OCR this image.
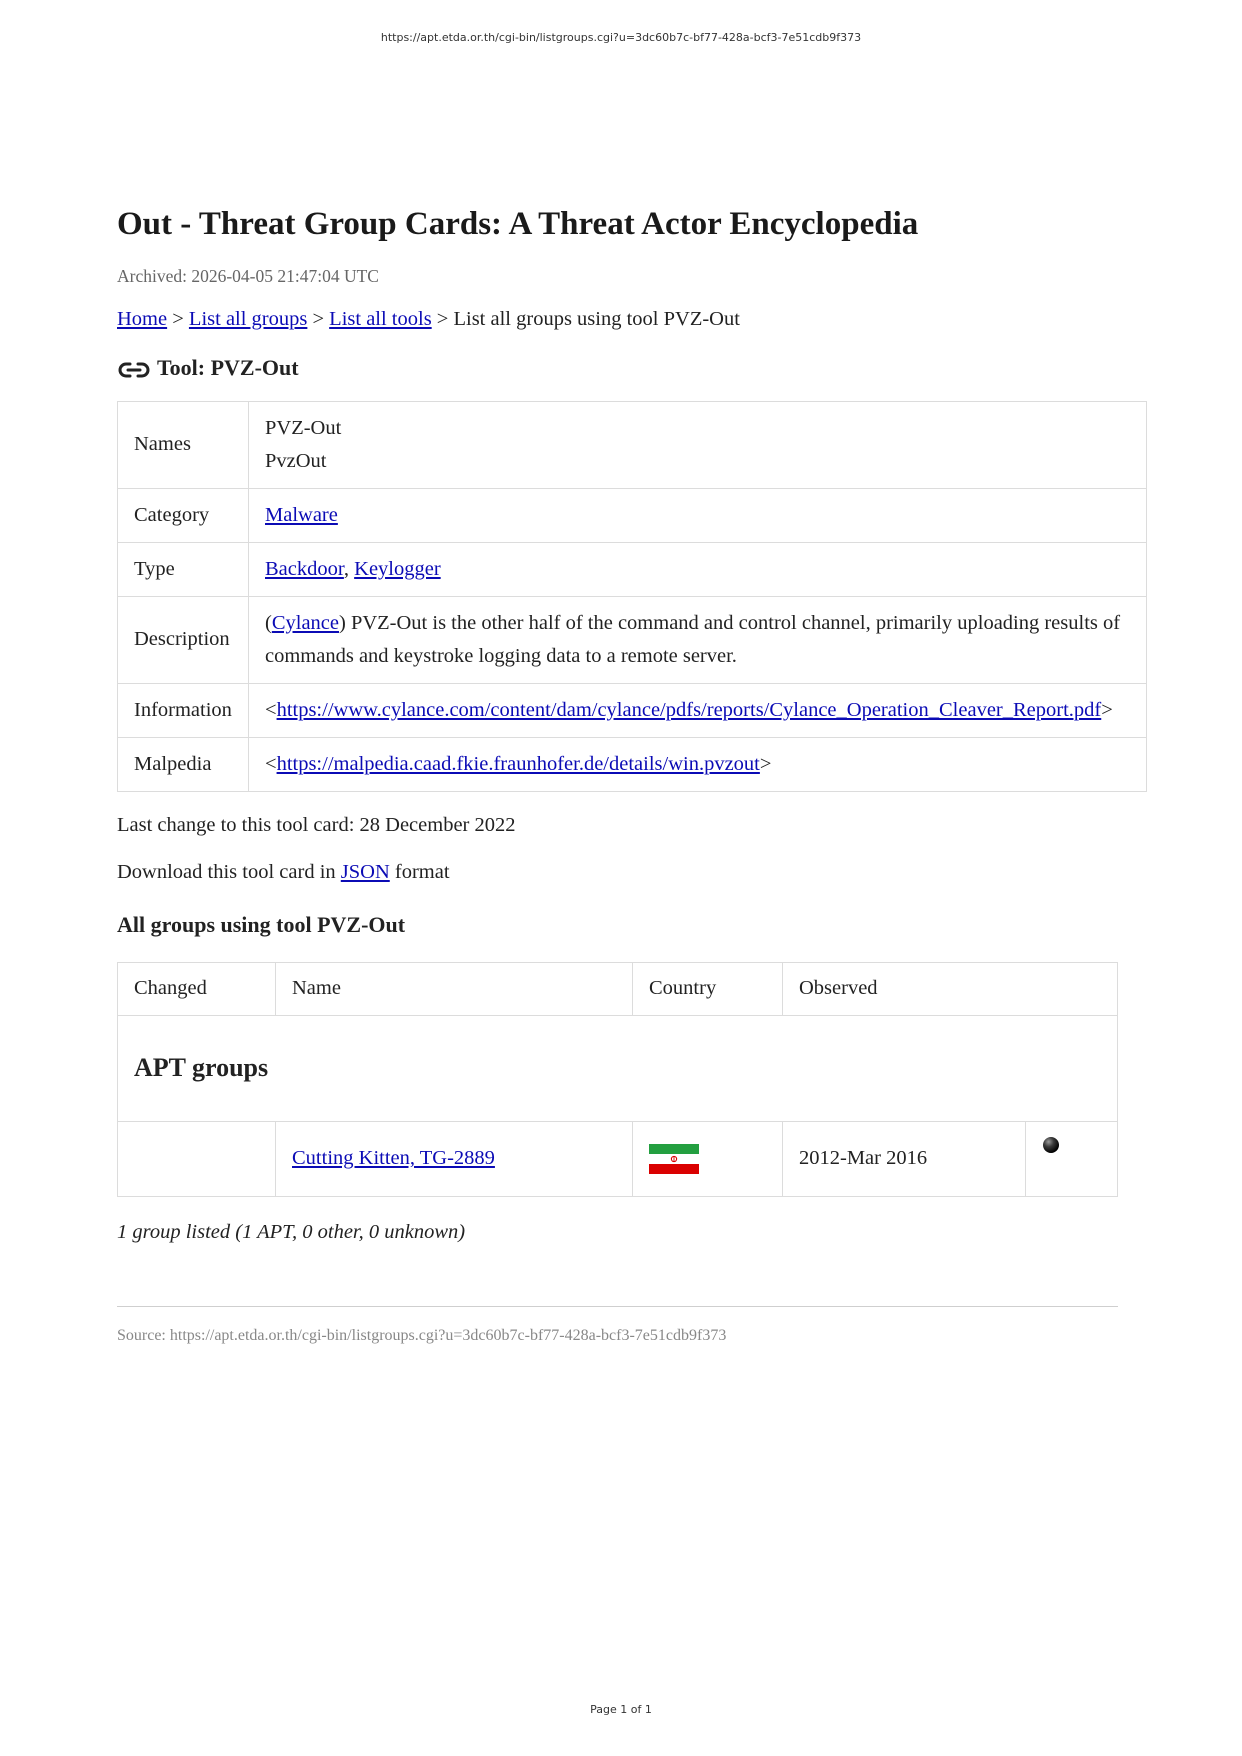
https://apt.etda.or.th/cgi-bin/listgroups.cgi?u=3dc60b7c-bf77-428a-bcf3-7e51cdb9f373
Out - Threat Group Cards: A Threat Actor Encyclopedia
Archived: 2026-04-05 21:47:04 UTC
Home > List all groups > List all tools > List all groups using tool PVZ-Out
Tool: PVZ-Out
Names	PVZ-Out
PvzOut

Category	Malware
Type	Backdoor, Keylogger
Description	(Cylance) PVZ-Out is the other half of the command and control channel, primarily uploading results of commands and keystroke logging data to a remote server.
Information	<https://www.cylance.com/content/dam/cylance/pdfs/reports/Cylance_Operation_Cleaver_Report.pdf>
Malpedia	<https://malpedia.caad.fkie.fraunhofer.de/details/win.pvzout>
Last change to this tool card: 28 December 2022
Download this tool card in JSON format
All groups using tool PVZ-Out
Changed	Name	Country	Observed	
APT groups				
	Cutting Kitten, TG-2889		2012-Mar 2016	
1 group listed (1 APT, 0 other, 0 unknown)
Source: https://apt.etda.or.th/cgi-bin/listgroups.cgi?u=3dc60b7c-bf77-428a-bcf3-7e51cdb9f373
Page 1 of 1
